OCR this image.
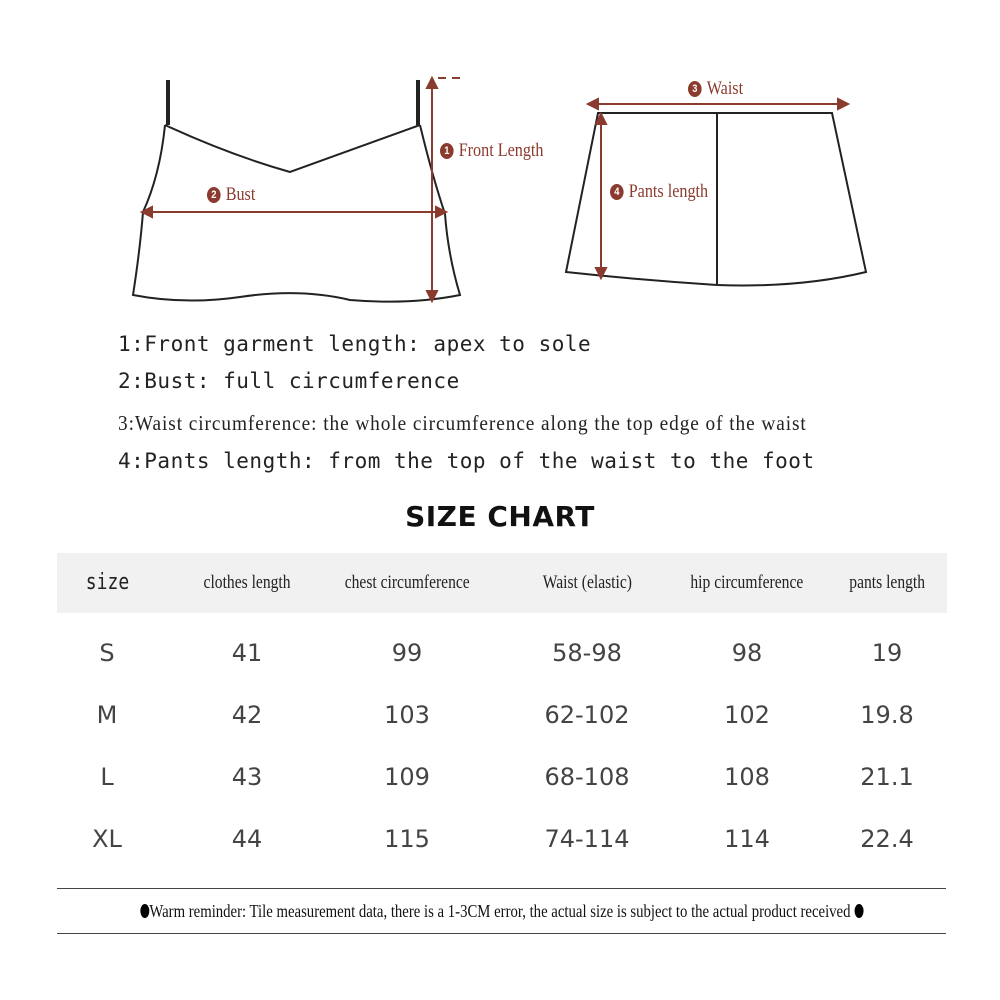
1 Front Length
2 Bust
3 Waist
4 Pants length
1:Front garment length: apex to sole
2:Bust: full circumference
3:Waist circumference: the whole circumference along the top edge of the waist
4:Pants length: from the top of the waist to the foot
SIZE CHART
size	clothes length	chest circumference	Waist (elastic)	hip circumference	pants length
S	41	99	58-98	98	19
M	42	103	62-102	102	19.8
L	43	109	68-108	108	21.1
XL	44	115	74-114	114	22.4
Warm reminder: Tile measurement data, there is a 1-3CM error, the actual size is subject to the actual product received
